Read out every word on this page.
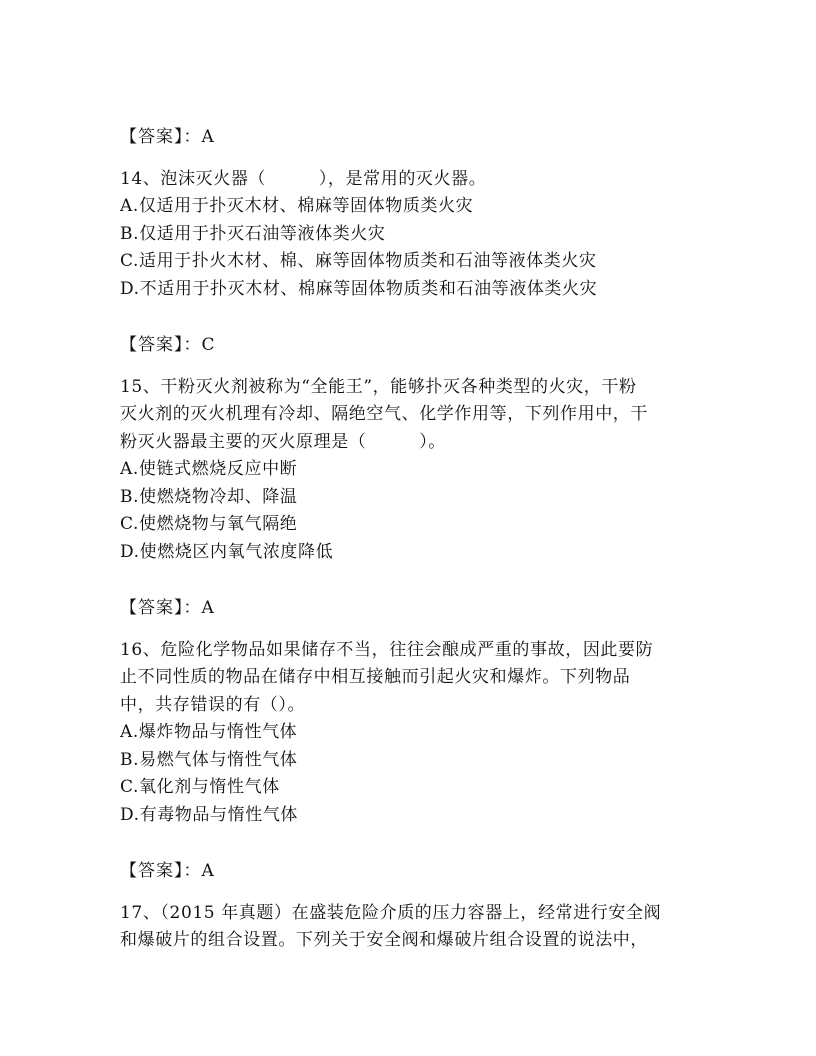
【答案】：A
14、泡沫灭火器（　　　），是常用的灭火器。
A.仅适用于扑灭木材、棉麻等固体物质类火灾
B.仅适用于扑灭石油等液体类火灾
C.适用于扑火木材、棉、麻等固体物质类和石油等液体类火灾
D.不适用于扑灭木材、棉麻等固体物质类和石油等液体类火灾
【答案】：C
15、干粉灭火剂被称为“全能王”，能够扑灭各种类型的火灾，干粉
灭火剂的灭火机理有冷却、隔绝空气、化学作用等，下列作用中，干
粉灭火器最主要的灭火原理是（　　　）。
A.使链式燃烧反应中断
B.使燃烧物冷却、降温
C.使燃烧物与氧气隔绝
D.使燃烧区内氧气浓度降低
【答案】：A
16、危险化学物品如果储存不当，往往会酿成严重的事故，因此要防
止不同性质的物品在储存中相互接触而引起火灾和爆炸。下列物品
中，共存错误的有（）。
A.爆炸物品与惰性气体
B.易燃气体与惰性气体
C.氧化剂与惰性气体
D.有毒物品与惰性气体
【答案】：A
17、（2015 年真题）在盛装危险介质的压力容器上，经常进行安全阀
和爆破片的组合设置。下列关于安全阀和爆破片组合设置的说法中，
